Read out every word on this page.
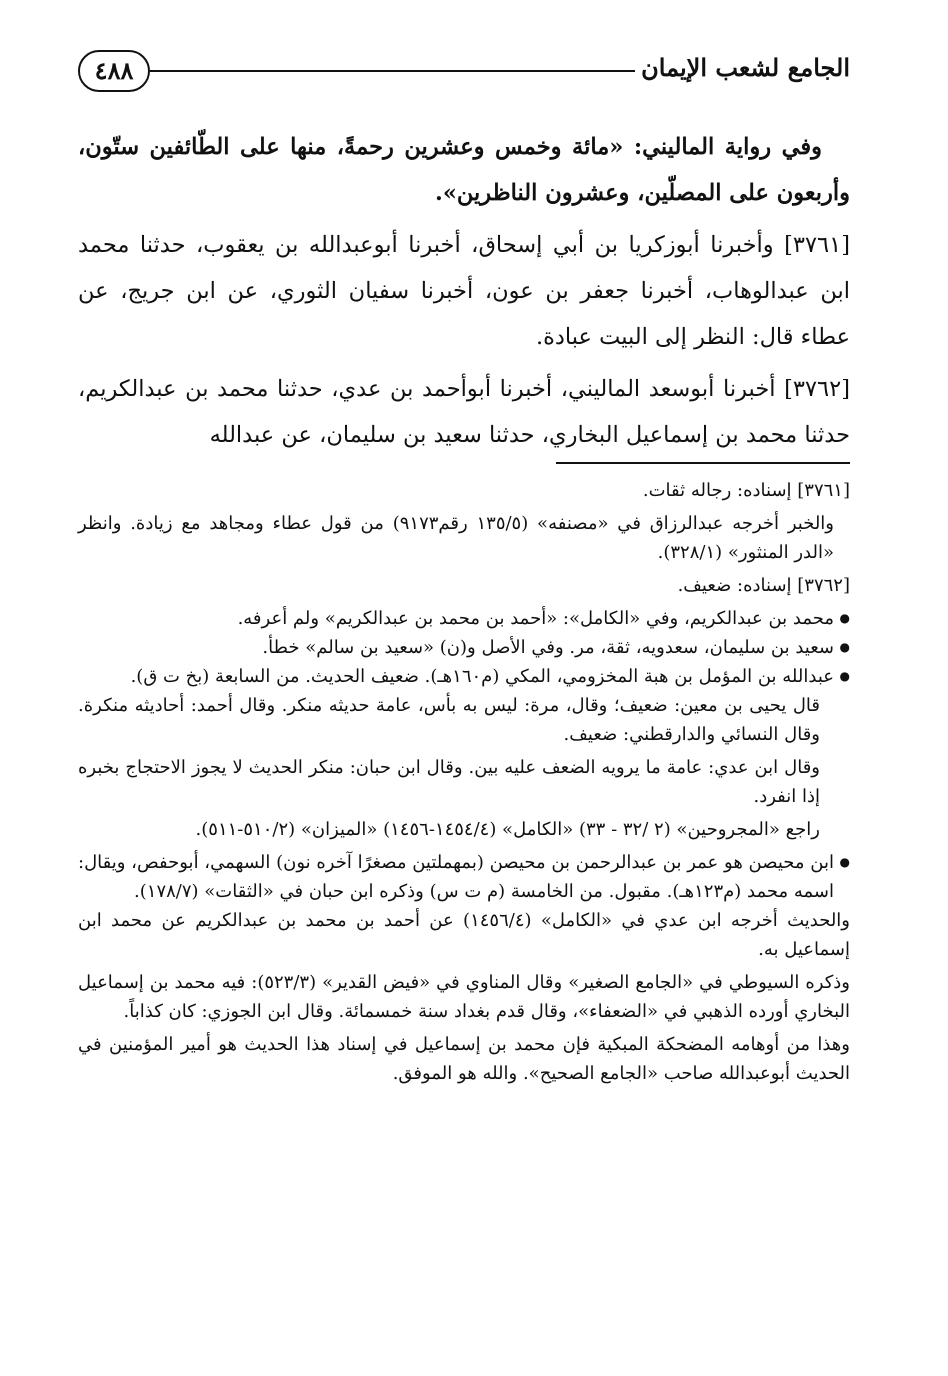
٤٨٨	الجامع لشعب الإيمان

وفي رواية الماليني: «مائة وخمس وعشرين رحمةً، منها على الطّائفين ستّون، وأربعون على المصلّين، وعشرون الناظرين».

[٣٧٦١] وأخبرنا أبوزكريا بن أبي إسحاق، أخبرنا أبوعبدالله بن يعقوب، حدثنا محمد ابن عبدالوهاب، أخبرنا جعفر بن عون، أخبرنا سفيان الثوري، عن ابن جريج، عن عطاء قال: النظر إلى البيت عبادة.

[٣٧٦٢] أخبرنا أبوسعد الماليني، أخبرنا أبوأحمد بن عدي، حدثنا محمد بن عبدالكريم، حدثنا محمد بن إسماعيل البخاري، حدثنا سعيد بن سليمان، عن عبدالله

[٣٧٦١] إسناده: رجاله ثقات.

والخبر أخرجه عبدالرزاق في «مصنفه» (١٣٥/٥ رقم٩١٧٣) من قول عطاء ومجاهد مع زيادة. وانظر «الدر المنثور» (٣٢٨/١).

[٣٧٦٢] إسناده: ضعيف.

● محمد بن عبدالكريم، وفي «الكامل»: «أحمد بن محمد بن عبدالكريم» ولم أعرفه.
● سعيد بن سليمان، سعدويه، ثقة، مر. وفي الأصل و(ن) «سعيد بن سالم» خطأ.
● عبدالله بن المؤمل بن هبة المخزومي، المكي (م١٦٠هـ). ضعيف الحديث. من السابعة (بخ ت ق).

قال يحيى بن معين: ضعيف؛ وقال، مرة: ليس به بأس، عامة حديثه منكر. وقال أحمد: أحاديثه منكرة. وقال النسائي والدارقطني: ضعيف.

وقال ابن عدي: عامة ما يرويه الضعف عليه بين. وقال ابن حبان: منكر الحديث لا يجوز الاحتجاج بخبره إذا انفرد.

راجع «المجروحين» (٢ /٣٢ - ٣٣) «الكامل» (١٤٥٤/٤-١٤٥٦) «الميزان» (٥١٠/٢-٥١١).

● ابن محيصن هو عمر بن عبدالرحمن بن محيصن (بمهملتين مصغرًا آخره نون) السهمي، أبوحفص، ويقال: اسمه محمد (م١٢٣هـ). مقبول. من الخامسة (م ت س) وذكره ابن حبان في «الثقات» (١٧٨/٧).

والحديث أخرجه ابن عدي في «الكامل» (١٤٥٦/٤) عن أحمد بن محمد بن عبدالكريم عن محمد ابن إسماعيل به.

وذكره السيوطي في «الجامع الصغير» وقال المناوي في «فيض القدير» (٥٢٣/٣): فيه محمد بن إسماعيل البخاري أورده الذهبي في «الضعفاء»، وقال قدم بغداد سنة خمسمائة. وقال ابن الجوزي: كان كذاباً.

وهذا من أوهامه المضحكة المبكية فإن محمد بن إسماعيل في إسناد هذا الحديث هو أمير المؤمنين في الحديث أبوعبدالله صاحب «الجامع الصحيح». والله هو الموفق.
